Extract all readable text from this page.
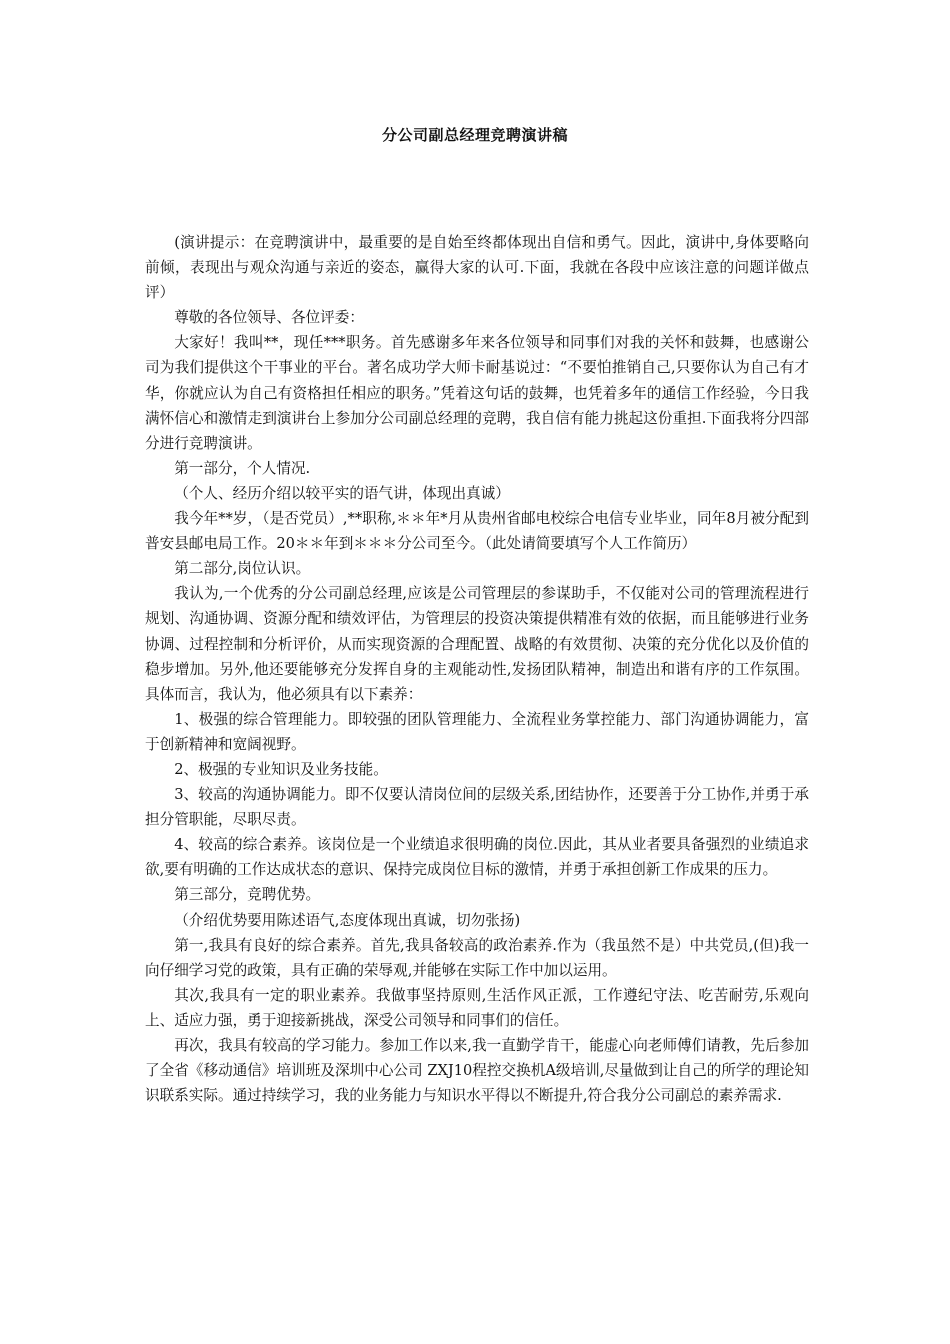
分公司副总经理竞聘演讲稿

(演讲提示：在竞聘演讲中，最重要的是自始至终都体现出自信和勇气。因此，演讲中,身体要略向前倾，表现出与观众沟通与亲近的姿态，赢得大家的认可.下面，我就在各段中应该注意的问题详做点评）

尊敬的各位领导、各位评委：

大家好！我叫**，现任***职务。首先感谢多年来各位领导和同事们对我的关怀和鼓舞，也感谢公司为我们提供这个干事业的平台。著名成功学大师卡耐基说过：“不要怕推销自己,只要你认为自己有才华，你就应认为自己有资格担任相应的职务。”凭着这句话的鼓舞，也凭着多年的通信工作经验，今日我满怀信心和激情走到演讲台上参加分公司副总经理的竞聘，我自信有能力挑起这份重担.下面我将分四部分进行竞聘演讲。

第一部分，个人情况.

（个人、经历介绍以较平实的语气讲，体现出真诚）

我今年**岁，（是否党员）,**职称,＊＊年*月从贵州省邮电校综合电信专业毕业，同年8月被分配到普安县邮电局工作。20＊＊年到＊＊＊分公司至今。（此处请简要填写个人工作简历）

第二部分,岗位认识。

我认为,一个优秀的分公司副总经理,应该是公司管理层的参谋助手，不仅能对公司的管理流程进行规划、沟通协调、资源分配和绩效评估，为管理层的投资决策提供精准有效的依据，而且能够进行业务协调、过程控制和分析评价，从而实现资源的合理配置、战略的有效贯彻、决策的充分优化以及价值的稳步增加。另外,他还要能够充分发挥自身的主观能动性,发扬团队精神，制造出和谐有序的工作氛围。具体而言，我认为，他必须具有以下素养：

1、极强的综合管理能力。即较强的团队管理能力、全流程业务掌控能力、部门沟通协调能力，富于创新精神和宽阔视野。

2、极强的专业知识及业务技能。

3、较高的沟通协调能力。即不仅要认清岗位间的层级关系,团结协作，还要善于分工协作,并勇于承担分管职能，尽职尽责。

4、较高的综合素养。该岗位是一个业绩追求很明确的岗位.因此，其从业者要具备强烈的业绩追求欲,要有明确的工作达成状态的意识、保持完成岗位目标的激情，并勇于承担创新工作成果的压力。

第三部分，竞聘优势。

（介绍优势要用陈述语气,态度体现出真诚，切勿张扬)

第一,我具有良好的综合素养。首先,我具备较高的政治素养.作为（我虽然不是）中共党员,(但)我一向仔细学习党的政策，具有正确的荣辱观,并能够在实际工作中加以运用。

其次,我具有一定的职业素养。我做事坚持原则,生活作风正派，工作遵纪守法、吃苦耐劳,乐观向上、适应力强，勇于迎接新挑战，深受公司领导和同事们的信任。

再次，我具有较高的学习能力。参加工作以来,我一直勤学肯干，能虚心向老师傅们请教，先后参加了全省《移动通信》培训班及深圳中心公司 ZXJ10程控交换机A级培训,尽量做到让自己的所学的理论知识联系实际。通过持续学习，我的业务能力与知识水平得以不断提升,符合我分公司副总的素养需求.
